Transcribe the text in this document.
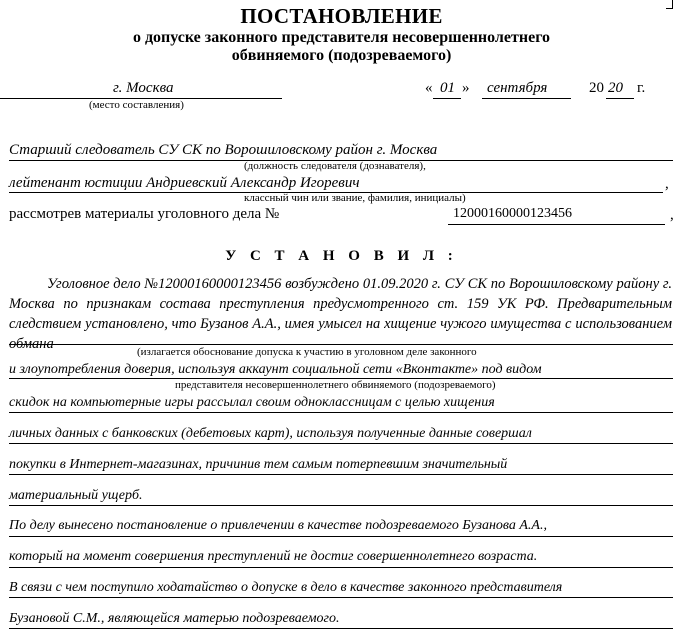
ПОСТАНОВЛЕНИЕ
о допуске законного представителя несовершеннолетнего
обвиняемого (подозреваемого)
г. Москва
(место составления)
« 01 » сентября	20 20 г.
Старший следователь СУ СК по Ворошиловскому район г. Москва
(должность следователя (дознавателя),
лейтенант юстиции Андриевский Александр Игоревич	,
классный чин или звание, фамилия, инициалы)
рассмотрев материалы уголовного дела №	12000160000123456	,
У С Т А Н О В И Л :
Уголовное дело №12000160000123456 возбуждено 01.09.2020 г. СУ СК по Ворошиловскому району г. Москва по признакам состава преступления предусмотренного ст. 159 УК РФ. Предварительным следствием установлено, что Бузанов А.А., имея умысел на хищение чужого имущества с использованием обмана	(излагается обоснование допуска к участию в уголовном деле законного
и злоупотребления доверия, используя аккаунт социальной сети «Вконтакте» под видом
представителя несовершеннолетнего обвиняемого (подозреваемого)
скидок на компьютерные игры рассылал своим одноклассницам с целью хищения
личных данных с банковских (дебетовых карт), используя полученные данные совершал
покупки в Интернет-магазинах, причинив тем самым потерпевшим значительный
материальный ущерб.
По делу вынесено постановление о привлечении в качестве подозреваемого Бузанова А.А.,
который на момент совершения преступлений не достиг совершеннолетнего возраста.
В связи с чем поступило ходатайство о допуске в дело в качестве законного представителя
Бузановой С.М., являющейся матерью подозреваемого.
